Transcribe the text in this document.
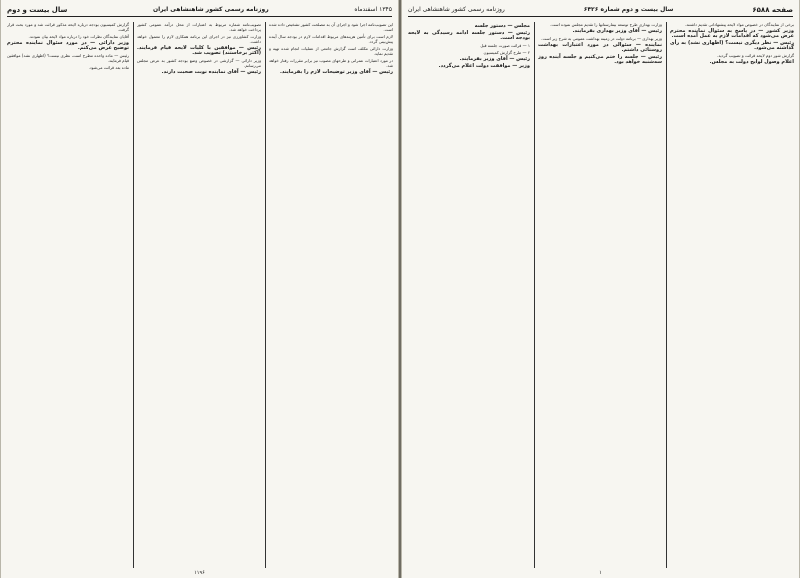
۱۳۴۵ اسفندماه
روزنامه رسمی کشور شاهنشاهی ایران
سال بیست و دوم

این تصویب‌نامه اجرا شود و اجرای آن به مصلحت کشور تشخیص داده شده است.

لازم است برای تأمین هزینه‌های مربوط اقدامات لازم در بودجه سال آینده پیش‌بینی گردد.

وزارت دارائی مکلف است گزارش جامعی از عملیات انجام شده تهیه و تقدیم نماید.

در مورد اعتبارات عمرانی و طرحهای مصوب نیز برابر مقررات رفتار خواهد شد.

رئیس — آقای وزیر توضیحات لازم را بفرمایند.

تصویب‌نامه شماره مربوط به اعتبارات از محل درآمد عمومی کشور پرداخت خواهد شد.

وزارت کشاورزی نیز در اجرای این برنامه همکاری لازم را معمول خواهد داشت.

رئیس — موافقین با کلیات لایحه قیام فرمایند. (اکثر برخاستند) تصویب شد.

وزیر دارائی — گزارشی در خصوص وضع بودجه کشور به عرض مجلس می‌رسانم.

رئیس — آقای نماینده نوبت صحبت دارند.

گزارش کمیسیون بودجه درباره لایحه مذکور قرائت شد و مورد بحث قرار گرفت.

آقایان نمایندگان نظرات خود را درباره مواد لایحه بیان نمودند.

وزیر دارائی — در مورد سئوال نماینده محترم توضیح عرض می‌کنم.

رئیس — ماده واحده مطرح است، نظری نیست؟ (اظهاری نشد) موافقین قیام فرمایند.

ماده بعد قرائت می‌شود.

۱۱۹۶
صفحه ۶۵۸۸
سال بیست و دوم شماره ۶۴۲۶
روزنامه رسمی کشور شاهنشاهی ایران

برخی از نمایندگان در خصوص مواد لایحه پیشنهاداتی تقدیم داشتند.

وزیر کشور — در پاسخ به سئوال نماینده محترم عرض می‌شود که اقدامات لازم به عمل آمده است.

رئیس — نظر دیگری نیست؟ (اظهاری نشد) به رأی گذاشته می‌شود.

گزارش شور دوم لایحه قرائت و تصویب گردید.

اعلام وصول لوایح دولت به مجلس.

وزارت بهداری طرح توسعه بیمارستانها را تقدیم مجلس نموده است.

رئیس — آقای وزیر بهداری بفرمایند.

وزیر بهداری — برنامه دولت در زمینه بهداشت عمومی به شرح زیر است.

نماینده — سئوالی در مورد اعتبارات بهداشت روستائی داشتم.

رئیس — جلسه را ختم می‌کنیم و جلسه آینده روز سه‌شنبه خواهد بود.

مجلس — دستور جلسه

رئیس — دستور جلسه ادامه رسیدگی به لایحه بودجه است.

۱ — قرائت صورت جلسه قبل

۲ — طرح گزارش کمیسیون

رئیس — آقای وزیر بفرمایند.

وزیر — موافقت دولت اعلام می‌گردد.

۱
